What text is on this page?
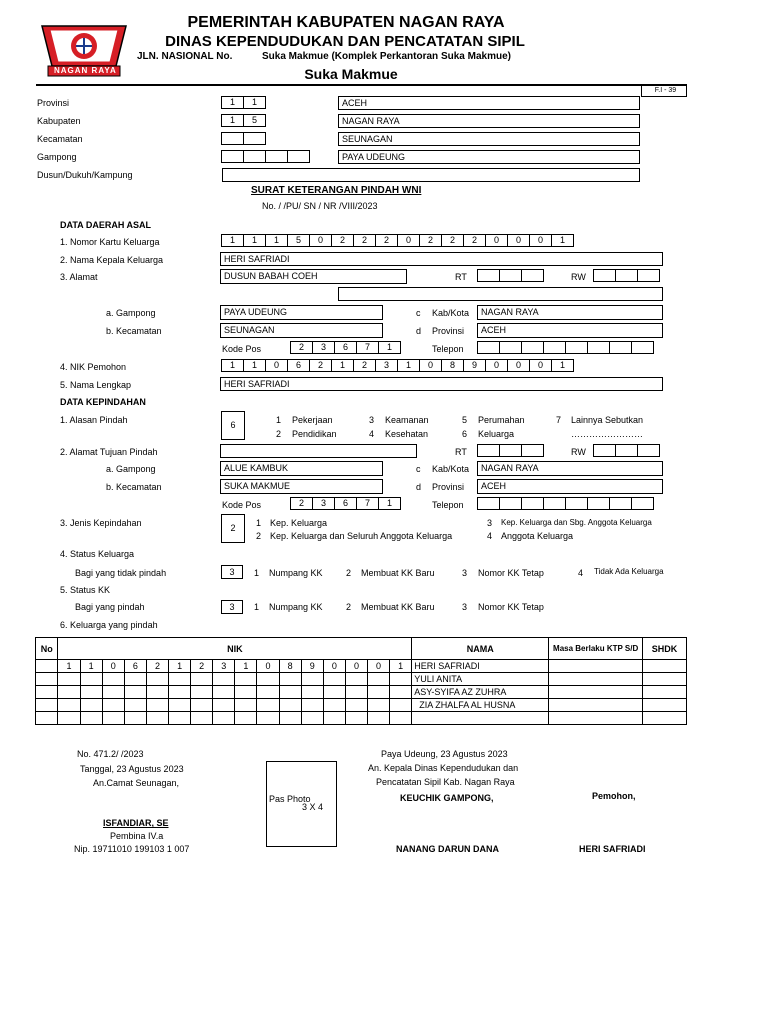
NAGAN RAYA
PEMERINTAH KABUPATEN NAGAN RAYA
DINAS KEPENDUDUKAN DAN PENCATATAN SIPIL
JLN. NASIONAL No.	Suka Makmue (Komplek Perkantoran Suka Makmue)
Suka Makmue
F.I - 39
Provinsi	1	1	ACEH
Kabupaten	1	5	NAGAN RAYA
Kecamatan	SEUNAGAN
Gampong	PAYA UDEUNG
Dusun/Dukuh/Kampung
SURAT KETERANGAN PINDAH WNI
No. / /PU/ SN / NR /VIII/2023
DATA DAERAH ASAL
1. Nomor Kartu Keluarga	1	1	1	5	0	2	2	2	0	2	2	2	0	0	0	1
2. Nama Kepala Keluarga	HERI SAFRIADI
3. Alamat	DUSUN BABAH COEH	RT	RW
a. Gampong	PAYA UDEUNG	c Kab/Kota	NAGAN RAYA
b. Kecamatan	SEUNAGAN	d Provinsi	ACEH
Kode Pos	2	3	6	7	1	Telepon
4. NIK Pemohon	1	1	0	6	2	1	2	3	1	0	8	9	0	0	0	1
5. Nama Lengkap	HERI SAFRIADI
DATA KEPINDAHAN
1. Alasan Pindah	6	1 Pekerjaan	3 Keamanan	5 Perumahan	7 Lainnya Sebutkan
2 Pendidikan	4 Kesehatan	6 Keluarga	……………………
2. Alamat Tujuan Pindah	RT	RW
a. Gampong	ALUE KAMBUK	c Kab/Kota	NAGAN RAYA
b. Kecamatan	SUKA MAKMUE	d Provinsi	ACEH
Kode Pos	2	3	6	7	1	Telepon
3. Jenis Kepindahan	2	1 Kep. Keluarga	3 Kep. Keluarga dan Sbg. Anggota Keluarga
2 Kep. Keluarga dan Seluruh Anggota Keluarga	4 Anggota Keluarga
4. Status Keluarga
Bagi yang tidak pindah	3	1 Numpang KK	2 Membuat KK Baru	3 Nomor KK Tetap	4 Tidak Ada Keluarga
5. Status KK
Bagi yang pindah	3	1 Numpang KK	2 Membuat KK Baru	3 Nomor KK Tetap
6. Keluarga yang pindah
No	NIK																NAMA	Masa Berlaku KTP S/D	SHDK
	1	1	0	6	2	1	2	3	1	0	8	9	0	0	0	1	HERI SAFRIADI		
																	YULI ANITA		
																	ASY-SYIFA AZ ZUHRA		
																	ZIA ZHALFA AL HUSNA		

No. 471.2/ /2023
Tanggal, 23 Agustus 2023
An.Camat Seunagan,
ISFANDIAR, SE
Pembina IV.a
Nip. 19711010 199103 1 007
Pas Photo
3 X 4
Paya Udeung, 23 Agustus 2023
An. Kepala Dinas Kependudukan dan
Pencatatan Sipil Kab. Nagan Raya
KEUCHIK GAMPONG,
NANANG DARUN DANA
Pemohon,
HERI SAFRIADI
